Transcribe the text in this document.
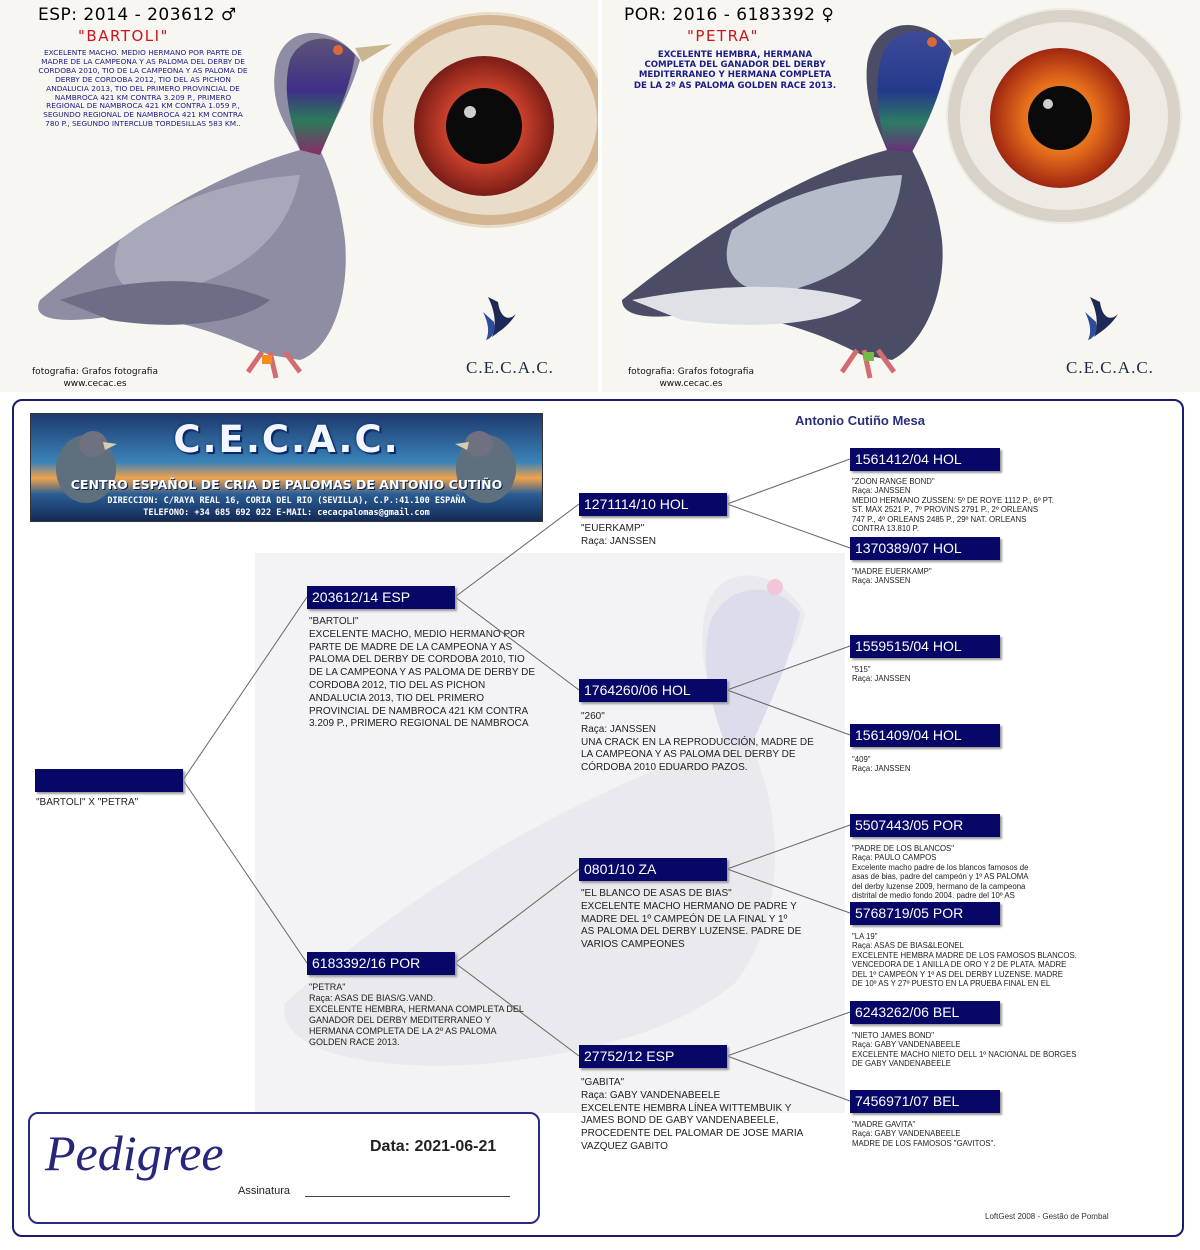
ESP: 2014 - 203612 ♂
"BARTOLI"
EXCELENTE MACHO. MEDIO HERMANO POR PARTE DE
MADRE DE LA CAMPEONA Y AS PALOMA DEL DERBY DE
CORDOBA 2010, TIO DE LA CAMPEONA Y AS PALOMA DE
DERBY DE CORDOBA 2012, TIO DEL AS PICHON
ANDALUCIA 2013, TIO DEL PRIMERO PROVINCIAL DE
NAMBROCA 421 KM CONTRA 3.209 P., PRIMERO
REGIONAL DE NAMBROCA 421 KM CONTRA 1.059 P.,
SEGUNDO REGIONAL DE NAMBROCA 421 KM CONTRA
780 P., SEGUNDO INTERCLUB TORDESILLAS 583 KM..
fotografia: Grafos fotografia
www.cecac.es
C.E.C.A.C.
POR: 2016 - 6183392 ♀
"PETRA"
EXCELENTE HEMBRA, HERMANA
COMPLETA DEL GANADOR DEL DERBY
MEDITERRANEO Y HERMANA COMPLETA
DE LA 2º AS PALOMA GOLDEN RACE 2013.
fotografia: Grafos fotografia
www.cecac.es
C.E.C.A.C.
C.E.C.A.C.
CENTRO ESPAÑOL DE CRIA DE PALOMAS DE ANTONIO CUTIÑO
DIRECCION: C/RAYA REAL 16, CORIA DEL RIO (SEVILLA), C.P.:41.100 ESPAÑA
TELEFONO: +34 685 692 022 E-MAIL: cecacpalomas@gmail.com
Antonio Cutiño Mesa
"BARTOLI" X "PETRA"
203612/14 ESP
"BARTOLI"
EXCELENTE MACHO, MEDIO HERMANO POR
PARTE DE MADRE DE LA CAMPEONA Y AS
PALOMA DEL DERBY DE CORDOBA 2010, TIO
DE LA CAMPEONA Y AS PALOMA DE DERBY DE
CORDOBA 2012, TIO DEL AS PICHON
ANDALUCIA 2013, TIO DEL PRIMERO
PROVINCIAL DE NAMBROCA 421 KM CONTRA
3.209 P., PRIMERO REGIONAL DE NAMBROCA
6183392/16 POR
"PETRA"
Raça: ASAS DE BIAS/G.VAND.
EXCELENTE HEMBRA, HERMANA COMPLETA DEL
GANADOR DEL DERBY MEDITERRANEO Y
HERMANA COMPLETA DE LA 2º AS PALOMA
GOLDEN RACE 2013.
1271114/10 HOL
"EUERKAMP"
Raça: JANSSEN
1764260/06 HOL
"260"
Raça: JANSSEN
UNA CRACK EN LA REPRODUCCIÓN, MADRE DE
LA CAMPEONA Y AS PALOMA DEL DERBY DE
CÓRDOBA 2010 EDUARDO PAZOS.
0801/10 ZA
"EL BLANCO DE ASAS DE BIAS"
EXCELENTE MACHO HERMANO DE PADRE Y
MADRE DEL 1º CAMPEÓN DE LA FINAL Y 1º
AS PALOMA DEL DERBY LUZENSE. PADRE DE
VARIOS CAMPEONES
27752/12 ESP
"GABITA"
Raça: GABY VANDENABEELE
EXCELENTE HEMBRA LÍNEA WITTEMBUIK Y
JAMES BOND DE GABY VANDENABEELE,
PROCEDENTE DEL PALOMAR DE JOSE MARIA
VAZQUEZ GABITO
1561412/04 HOL
"ZOON RANGE BOND"
Raça: JANSSEN
MEDIO HERMANO ZUSSEN: 5º DE ROYE 1112 P., 6º PT.
ST. MAX 2521 P., 7º PROVINS 2791 P., 2º ORLEANS
747 P., 4º ORLEANS 2485 P., 29º NAT. ORLEANS
CONTRA 13.810 P.
1370389/07 HOL
"MADRE EUERKAMP"
Raça: JANSSEN
1559515/04 HOL
"515"
Raça: JANSSEN
1561409/04 HOL
"409"
Raça: JANSSEN
5507443/05 POR
"PADRE DE LOS BLANCOS"
Raça: PAULO CAMPOS
Excelente macho padre de los blancos famosos de
asas de bias, padre del campeón y 1º AS PALOMA
del derby luzense 2009, hermano de la campeona
distrital de medio fondo 2004. padre del 10º AS
5768719/05 POR
"LA 19"
Raça: ASAS DE BIAS&LEONEL
EXCELENTE HEMBRA MADRE DE LOS FAMOSOS BLANCOS.
VENCEDORA DE 1 ANILLA DE ORO Y 2 DE PLATA. MADRE
DEL 1º CAMPEÓN Y 1º AS DEL DERBY LUZENSE. MADRE
DE 10º AS Y 27º PUESTO EN LA PRUEBA FINAL EN EL
6243262/06 BEL
"NIETO JAMES BOND"
Raça: GABY VANDENABEELE
EXCELENTE MACHO NIETO DELL 1º NACIONAL DE BORGES
DE GABY VANDENABEELE
7456971/07 BEL
"MADRE GAVITA"
Raça: GABY VANDENABEELE
MADRE DE LOS FAMOSOS "GAVITOS".
Pedigree	Data: 2021-06-21
Assinatura
LoftGest 2008 - Gestão de Pombal
